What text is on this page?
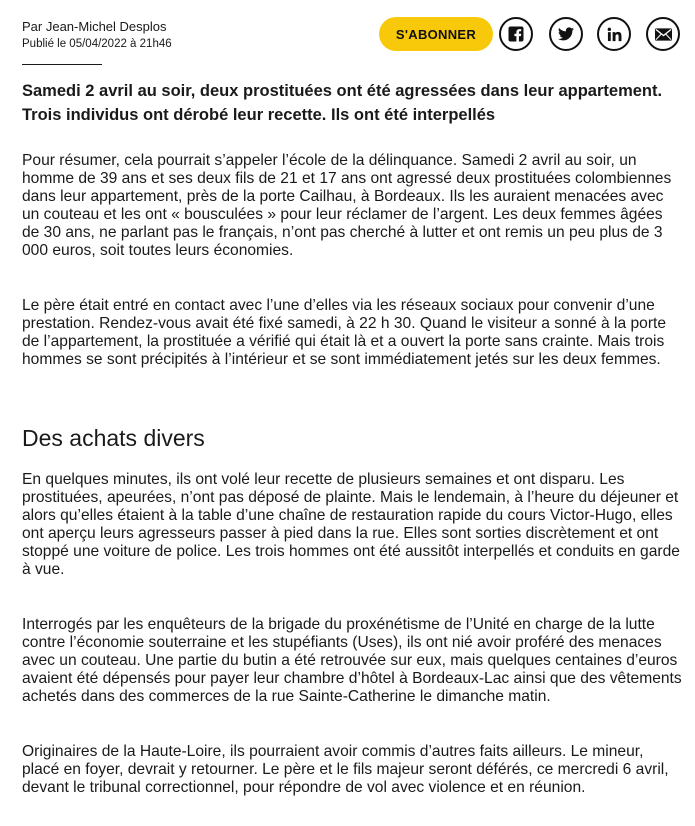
Par Jean-Michel Desplos
Publié le 05/04/2022 à 21h46
S'ABONNER

Samedi 2 avril au soir, deux prostituées ont été agressées dans leur appartement. Trois individus ont dérobé leur recette. Ils ont été interpellés

Pour résumer, cela pourrait s’appeler l’école de la délinquance. Samedi 2 avril au soir, un homme de 39 ans et ses deux fils de 21 et 17 ans ont agressé deux prostituées colombiennes dans leur appartement, près de la porte Cailhau, à Bordeaux. Ils les auraient menacées avec un couteau et les ont « bousculées » pour leur réclamer de l’argent. Les deux femmes âgées de 30 ans, ne parlant pas le français, n’ont pas cherché à lutter et ont remis un peu plus de 3 000 euros, soit toutes leurs économies.

Le père était entré en contact avec l’une d’elles via les réseaux sociaux pour convenir d’une prestation. Rendez-vous avait été fixé samedi, à 22 h 30. Quand le visiteur a sonné à la porte de l’appartement, la prostituée a vérifié qui était là et a ouvert la porte sans crainte. Mais trois hommes se sont précipités à l’intérieur et se sont immédiatement jetés sur les deux femmes.

Des achats divers

En quelques minutes, ils ont volé leur recette de plusieurs semaines et ont disparu. Les prostituées, apeurées, n’ont pas déposé de plainte. Mais le lendemain, à l’heure du déjeuner et alors qu’elles étaient à la table d’une chaîne de restauration rapide du cours Victor-Hugo, elles ont aperçu leurs agresseurs passer à pied dans la rue. Elles sont sorties discrètement et ont stoppé une voiture de police. Les trois hommes ont été aussitôt interpellés et conduits en garde à vue.

Interrogés par les enquêteurs de la brigade du proxénétisme de l’Unité en charge de la lutte contre l’économie souterraine et les stupéfiants (Uses), ils ont nié avoir proféré des menaces avec un couteau. Une partie du butin a été retrouvée sur eux, mais quelques centaines d’euros avaient été dépensés pour payer leur chambre d’hôtel à Bordeaux-Lac ainsi que des vêtements achetés dans des commerces de la rue Sainte-Catherine le dimanche matin.

Originaires de la Haute-Loire, ils pourraient avoir commis d’autres faits ailleurs. Le mineur, placé en foyer, devrait y retourner. Le père et le fils majeur seront déférés, ce mercredi 6 avril, devant le tribunal correctionnel, pour répondre de vol avec violence et en réunion.
